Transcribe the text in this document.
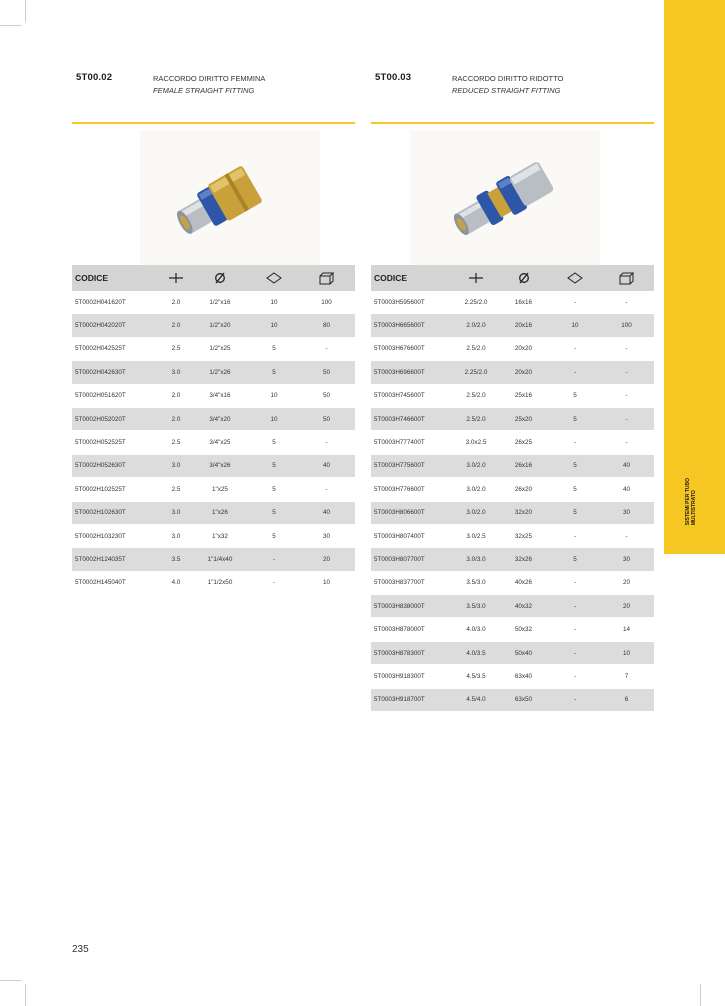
SISTEMI PER TUBO MULTISTRATO
5T00.02	RACCORDO DIRITTO FEMMINA
FEMALE STRAIGHT FITTING
CODICE				
5T0002H041620T	2.0	1/2"x16	10	100
5T0002H042020T	2.0	1/2"x20	10	80
5T0002H042525T	2.5	1/2"x25	5	-
5T0002H042630T	3.0	1/2"x26	5	50
5T0002H051620T	2.0	3/4"x16	10	50
5T0002H052020T	2.0	3/4"x20	10	50
5T0002H052525T	2.5	3/4"x25	5	-
5T0002H052630T	3.0	3/4"x26	5	40
5T0002H102525T	2.5	1"x25	5	-
5T0002H102630T	3.0	1"x26	5	40
5T0002H103230T	3.0	1"x32	5	30
5T0002H124035T	3.5	1"1/4x40	-	20
5T0002H145040T	4.0	1"1/2x50	-	10
5T00.03	RACCORDO DIRITTO RIDOTTO
REDUCED STRAIGHT FITTING
CODICE				
5T0003H595600T	2.25/2.0	16x16	-	-
5T0003H665600T	2.0/2.0	20x16	10	100
5T0003H676600T	2.5/2.0	20x20	-	-
5T0003H696600T	2.25/2.0	20x20	-	-
5T0003H745600T	2.5/2.0	25x16	5	-
5T0003H746600T	2.5/2.0	25x20	5	-
5T0003H777400T	3.0x2.5	26x25	-	-
5T0003H775600T	3.0/2.0	26x16	5	40
5T0003H776600T	3.0/2.0	26x20	5	40
5T0003H806600T	3.0/2.0	32x20	5	30
5T0003H807400T	3.0/2.5	32x25	-	-
5T0003H807700T	3.0/3.0	32x26	5	30
5T0003H837700T	3.5/3.0	40x26	-	20
5T0003H838000T	3.5/3.0	40x32	-	20
5T0003H878000T	4.0/3.0	50x32	-	14
5T0003H878300T	4.0/3.5	50x40	-	10
5T0003H918300T	4.5/3.5	63x40	-	7
5T0003H918700T	4.5/4.0	63x50	-	6
235
